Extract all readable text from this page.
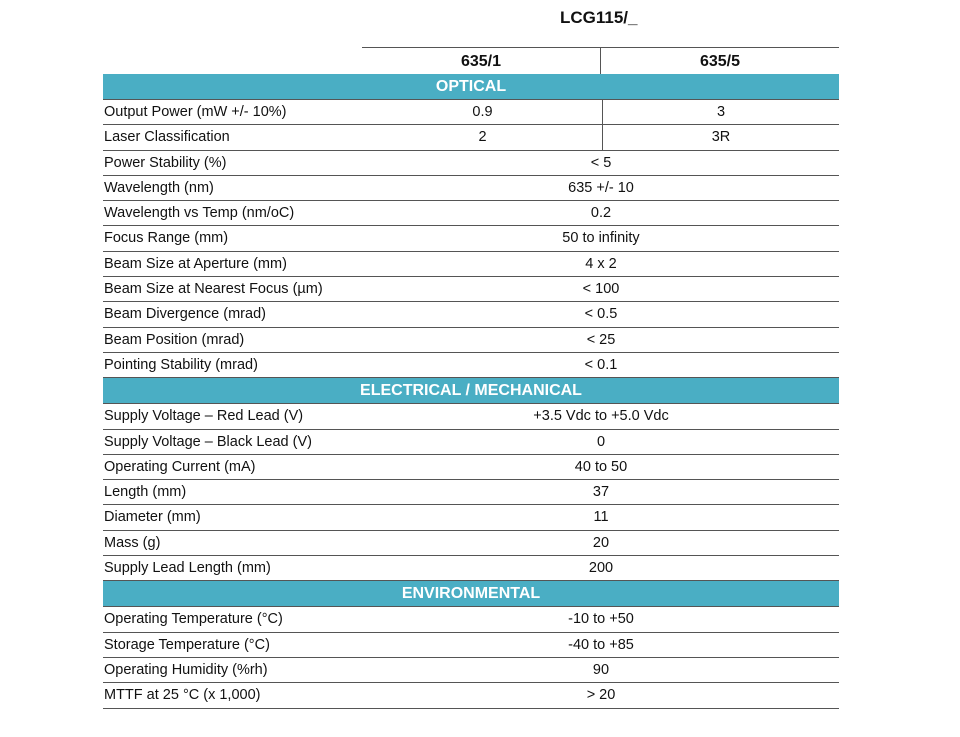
LCG115/_
635/1	635/5
OPTICAL
Output Power (mW +/- 10%)	0.9	3
Laser Classification	2	3R
Power Stability (%)	< 5
Wavelength (nm)	635 +/- 10
Wavelength vs Temp (nm/oC)	0.2
Focus Range (mm)	50 to infinity
Beam Size at Aperture (mm)	4 x 2
Beam Size at Nearest Focus (µm)	< 100
Beam Divergence (mrad)	< 0.5
Beam Position (mrad)	< 25
Pointing Stability (mrad)	< 0.1
ELECTRICAL / MECHANICAL
Supply Voltage – Red Lead (V)	+3.5 Vdc to +5.0 Vdc
Supply Voltage – Black Lead (V)	0
Operating Current (mA)	40 to 50
Length (mm)	37
Diameter (mm)	11
Mass (g)	20
Supply Lead Length (mm)	200
ENVIRONMENTAL
Operating Temperature (°C)	-10 to +50
Storage Temperature (°C)	-40 to +85
Operating Humidity (%rh)	90
MTTF at 25 °C (x 1,000)	> 20
